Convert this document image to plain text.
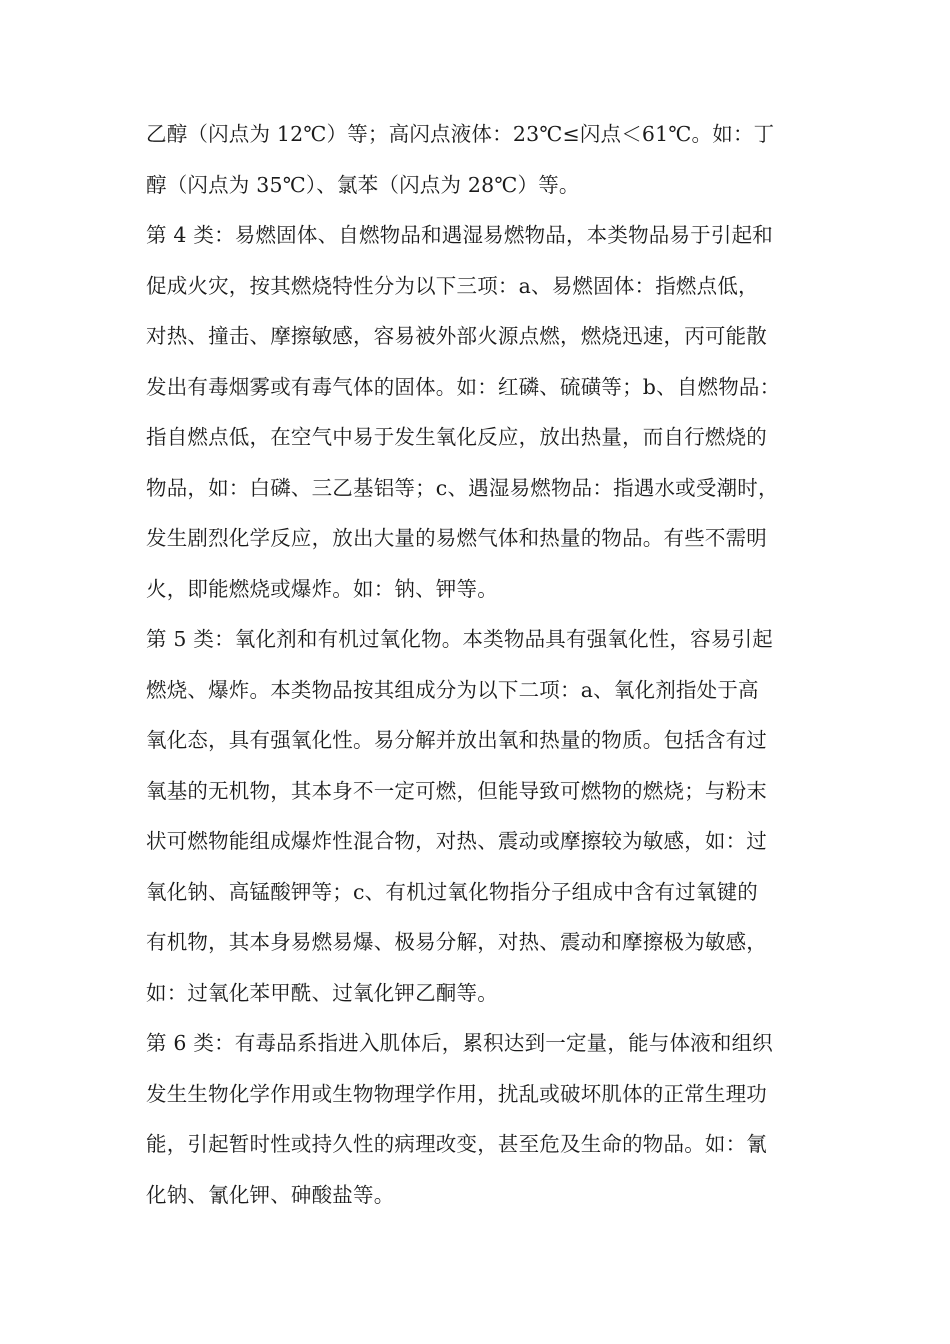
乙醇（闪点为 12℃）等；高闪点液体：23℃≤闪点＜61℃。如：丁
醇（闪点为 35℃）、氯苯（闪点为 28℃）等。
第 4 类：易燃固体、自燃物品和遇湿易燃物品，本类物品易于引起和
促成火灾，按其燃烧特性分为以下三项：a、易燃固体：指燃点低，
对热、撞击、摩擦敏感，容易被外部火源点燃，燃烧迅速，丙可能散
发出有毒烟雾或有毒气体的固体。如：红磷、硫磺等；b、自燃物品：
指自燃点低，在空气中易于发生氧化反应，放出热量，而自行燃烧的
物品，如：白磷、三乙基铝等；c、遇湿易燃物品：指遇水或受潮时，
发生剧烈化学反应，放出大量的易燃气体和热量的物品。有些不需明
火，即能燃烧或爆炸。如：钠、钾等。
第 5 类：氧化剂和有机过氧化物。本类物品具有强氧化性，容易引起
燃烧、爆炸。本类物品按其组成分为以下二项：a、氧化剂指处于高
氧化态，具有强氧化性。易分解并放出氧和热量的物质。包括含有过
氧基的无机物，其本身不一定可燃，但能导致可燃物的燃烧；与粉末
状可燃物能组成爆炸性混合物，对热、震动或摩擦较为敏感，如：过
氧化钠、高锰酸钾等；c、有机过氧化物指分子组成中含有过氧键的
有机物，其本身易燃易爆、极易分解，对热、震动和摩擦极为敏感，
如：过氧化苯甲酰、过氧化钾乙酮等。
第 6 类：有毒品系指进入肌体后，累积达到一定量，能与体液和组织
发生生物化学作用或生物物理学作用，扰乱或破坏肌体的正常生理功
能，引起暂时性或持久性的病理改变，甚至危及生命的物品。如：氰
化钠、氰化钾、砷酸盐等。
